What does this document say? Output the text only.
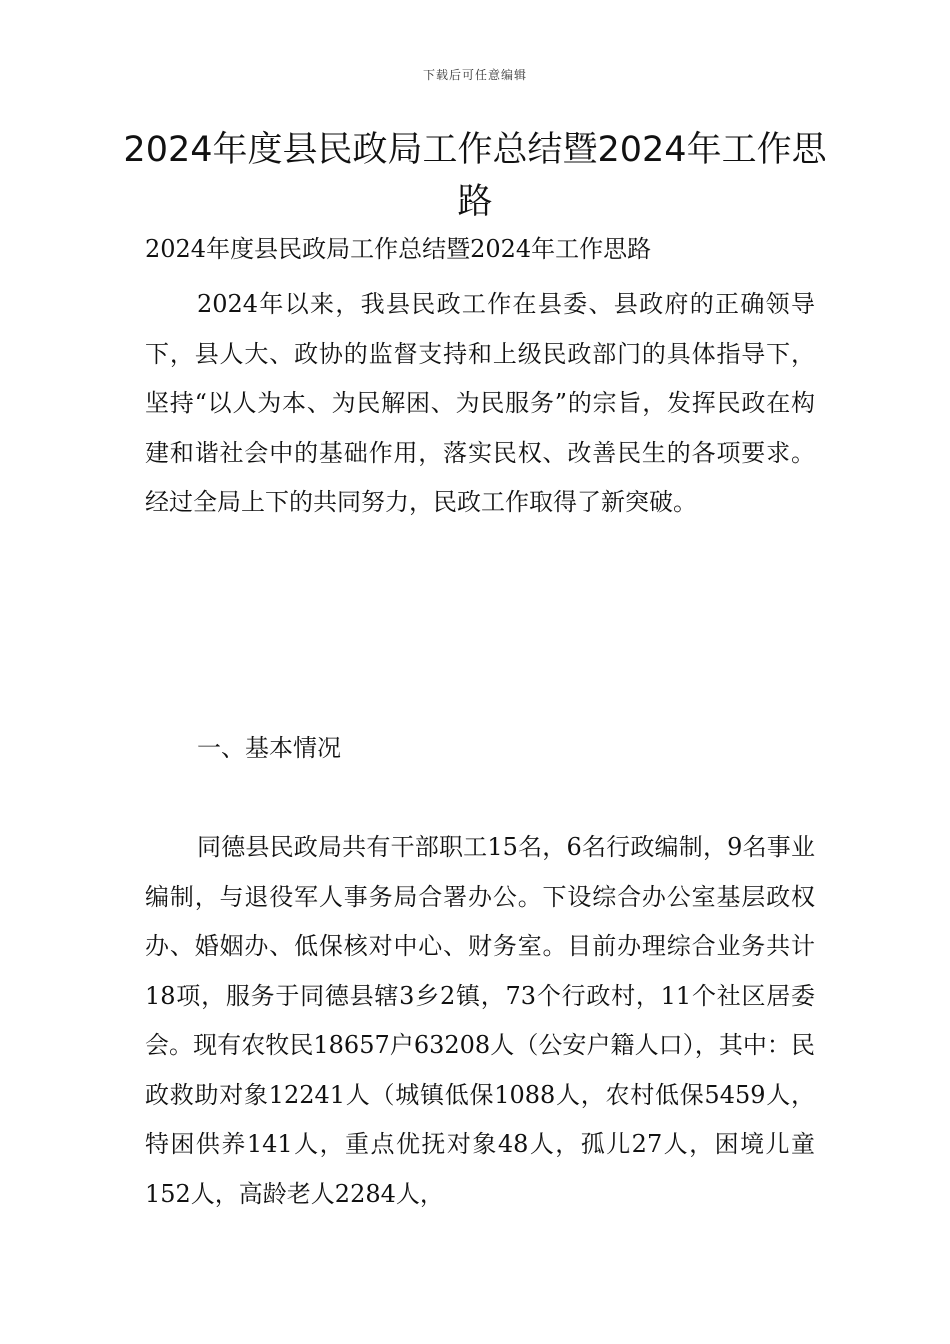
下载后可任意编辑
2024年度县民政局工作总结暨2024年工作思路

2024年度县民政局工作总结暨2024年工作思路

2024年以来，我县民政工作在县委、县政府的正确领导下，县人大、政协的监督支持和上级民政部门的具体指导下，坚持“以人为本、为民解困、为民服务”的宗旨，发挥民政在构建和谐社会中的基础作用，落实民权、改善民生的各项要求。经过全局上下的共同努力，民政工作取得了新突破。

一、基本情况

同德县民政局共有干部职工15名，6名行政编制，9名事业编制，与退役军人事务局合署办公。下设综合办公室基层政权办、婚姻办、低保核对中心、财务室。目前办理综合业务共计18项，服务于同德县辖3乡2镇，73个行政村，11个社区居委会。现有农牧民18657户63208人（公安户籍人口），其中：民政救助对象12241人（城镇低保1088人，农村低保5459人，特困供养141人，重点优抚对象48人，孤儿27人，困境儿童152人，高龄老人2284人，
